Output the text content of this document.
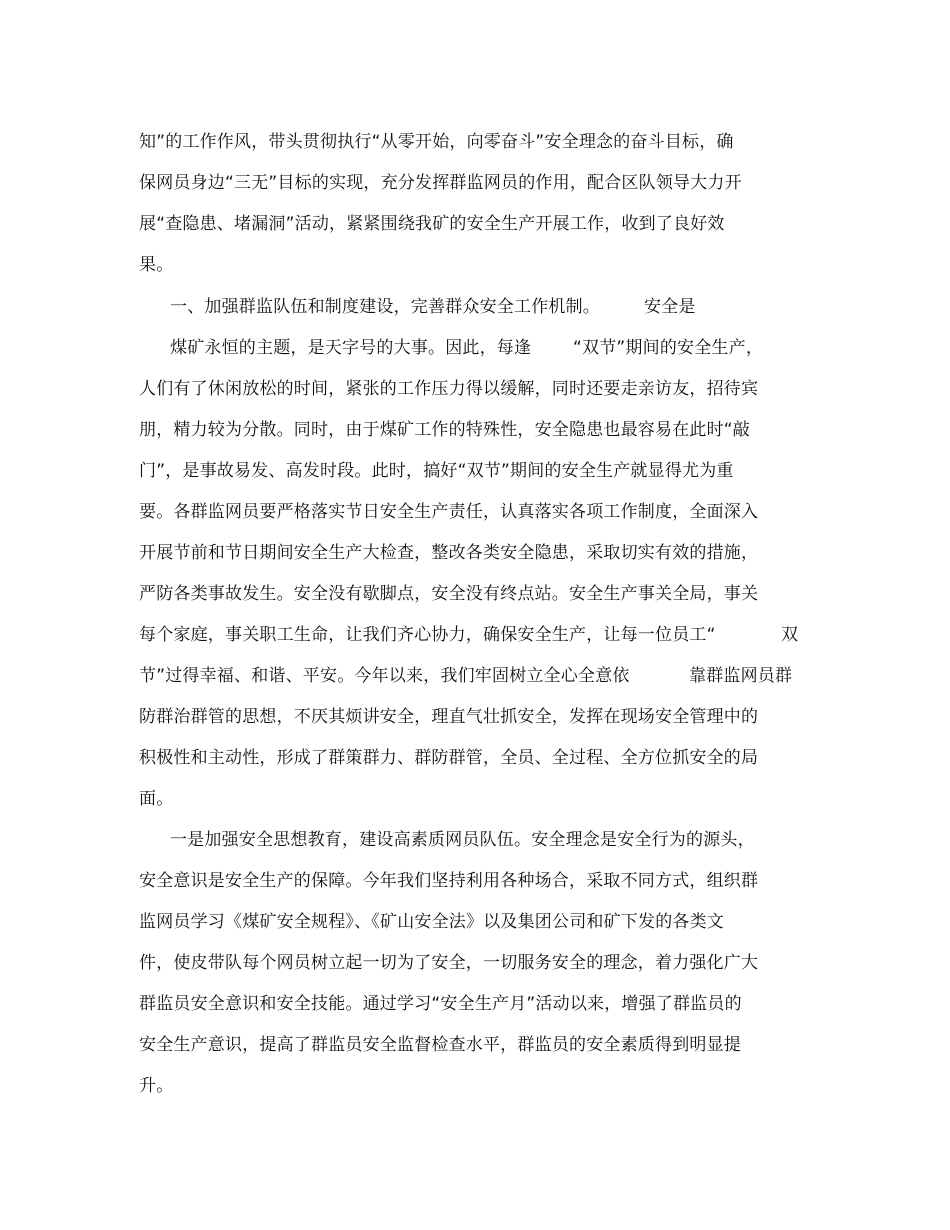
知”的工作作风，带头贯彻执行“从零开始，向零奋斗”安全理念的奋斗目标，确
保网员身边“三无”目标的实现，充分发挥群监网员的作用，配合区队领导大力开
展“查隐患、堵漏洞”活动，紧紧围绕我矿的安全生产开展工作，收到了良好效
果。
一、加强群监队伍和制度建设，完善群众安全工作机制。	安全是
煤矿永恒的主题，是天字号的大事。因此，每逢 “双节”期间的安全生产，
人们有了休闲放松的时间，紧张的工作压力得以缓解，同时还要走亲访友，招待宾
朋，精力较为分散。同时，由于煤矿工作的特殊性，安全隐患也最容易在此时“敲
门”，是事故易发、高发时段。此时，搞好“双节”期间的安全生产就显得尤为重
要。各群监网员要严格落实节日安全生产责任，认真落实各项工作制度，全面深入
开展节前和节日期间安全生产大检查，整改各类安全隐患，采取切实有效的措施，
严防各类事故发生。安全没有歇脚点，安全没有终点站。安全生产事关全局，事关
每个家庭，事关职工生命，让我们齐心协力，确保安全生产，让每一位员工“	双
节”过得幸福、和谐、平安。今年以来，我们牢固树立全心全意依	靠群监网员群
防群治群管的思想，不厌其烦讲安全，理直气壮抓安全，发挥在现场安全管理中的
积极性和主动性，形成了群策群力、群防群管，全员、全过程、全方位抓安全的局
面。
一是加强安全思想教育，建设高素质网员队伍。安全理念是安全行为的源头，
安全意识是安全生产的保障。今年我们坚持利用各种场合，采取不同方式，组织群
监网员学习《煤矿安全规程》、《矿山安全法》以及集团公司和矿下发的各类文
件，使皮带队每个网员树立起一切为了安全，一切服务安全的理念，着力强化广大
群监员安全意识和安全技能。通过学习“安全生产月”活动以来，增强了群监员的
安全生产意识，提高了群监员安全监督检查水平，群监员的安全素质得到明显提
升。
